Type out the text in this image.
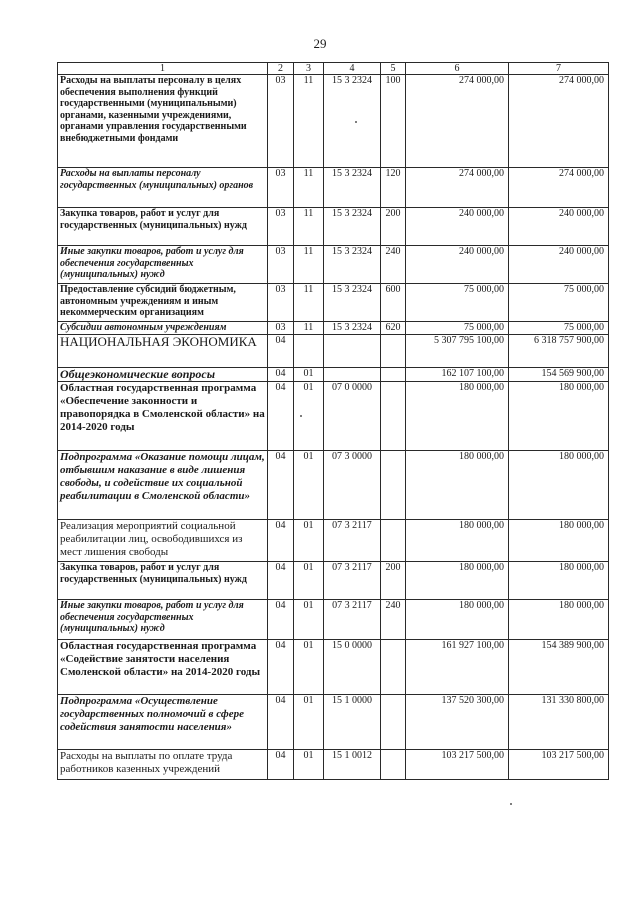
29
1	2	3	4	5	6	7
Расходы на выплаты персоналу в целях обеспечения выполнения функций государственными (муниципальными) органами, казенными учреждениями, органами управления государственными внебюджетными фондами	03	11	15 3 2324	100	274 000,00	274 000,00
Расходы на выплаты персоналу государственных (муниципальных) органов	03	11	15 3 2324	120	274 000,00	274 000,00
Закупка товаров, работ и услуг для государственных (муниципальных) нужд	03	11	15 3 2324	200	240 000,00	240 000,00
Иные закупки товаров, работ и услуг для обеспечения государственных (муниципальных) нужд	03	11	15 3 2324	240	240 000,00	240 000,00
Предоставление субсидий бюджетным, автономным учреждениям и иным некоммерческим организациям	03	11	15 3 2324	600	75 000,00	75 000,00
Субсидии автономным учреждениям	03	11	15 3 2324	620	75 000,00	75 000,00
НАЦИОНАЛЬНАЯ ЭКОНОМИКА	04				5 307 795 100,00	6 318 757 900,00
Общеэкономические вопросы	04	01			162 107 100,00	154 569 900,00
Областная государственная программа «Обеспечение законности и правопорядка в Смоленской области» на 2014-2020 годы	04	01	07 0 0000		180 000,00	180 000,00
Подпрограмма «Оказание помощи лицам, отбывшим наказание в виде лишения свободы, и содействие их социальной реабилитации в Смоленской области»	04	01	07 3 0000		180 000,00	180 000,00
Реализация мероприятий социальной реабилитации лиц, освободившихся из мест лишения свободы	04	01	07 3 2117		180 000,00	180 000,00
Закупка товаров, работ и услуг для государственных (муниципальных) нужд	04	01	07 3 2117	200	180 000,00	180 000,00
Иные закупки товаров, работ и услуг для обеспечения государственных (муниципальных) нужд	04	01	07 3 2117	240	180 000,00	180 000,00
Областная государственная программа «Содействие занятости населения Смоленской области» на 2014-2020 годы	04	01	15 0 0000		161 927 100,00	154 389 900,00
Подпрограмма «Осуществление государственных полномочий в сфере содействия занятости населения»	04	01	15 1 0000		137 520 300,00	131 330 800,00
Расходы на выплаты по оплате труда работников казенных учреждений	04	01	15 1 0012		103 217 500,00	103 217 500,00
